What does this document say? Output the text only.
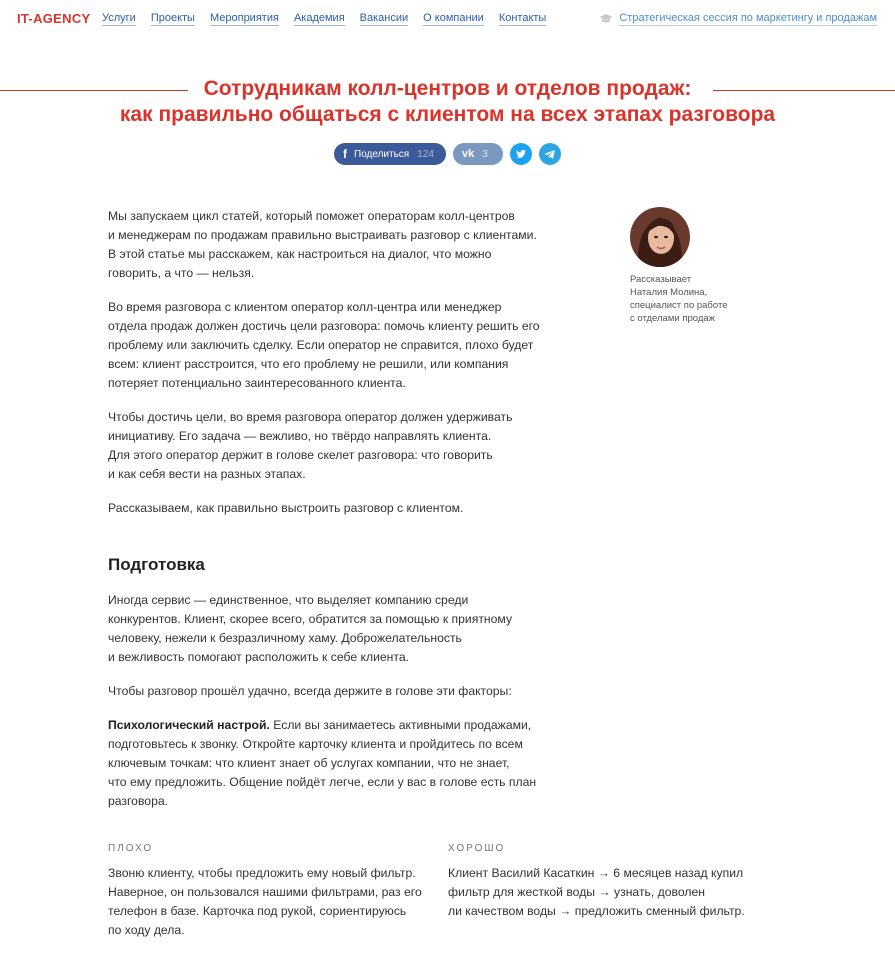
IT-AGENCY Услуги Проекты Мероприятия Академия Вакансии О компании Контакты	Стратегическая сессия по маркетингу и продажам
Сотрудникам колл-центров и отделов продаж:
как правильно общаться с клиентом на всех этапах разговора
f Поделиться 124	vk 3
Рассказывает
Наталия Молина,
специалист по работе
с отделами продаж

Мы запускаем цикл статей, который поможет операторам колл-центров
и менеджерам по продажам правильно выстраивать разговор с клиентами.
В этой статье мы расскажем, как настроиться на диалог, что можно
говорить, а что — нельзя.

Во время разговора с клиентом оператор колл-центра или менеджер
отдела продаж должен достичь цели разговора: помочь клиенту решить его
проблему или заключить сделку. Если оператор не справится, плохо будет
всем: клиент расстроится, что его проблему не решили, или компания
потеряет потенциально заинтересованного клиента.

Чтобы достичь цели, во время разговора оператор должен удерживать
инициативу. Его задача — вежливо, но твёрдо направлять клиента.
Для этого оператор держит в голове скелет разговора: что говорить
и как себя вести на разных этапах.

Рассказываем, как правильно выстроить разговор с клиентом.

Подготовка

Иногда сервис — единственное, что выделяет компанию среди
конкурентов. Клиент, скорее всего, обратится за помощью к приятному
человеку, нежели к безразличному хаму. Доброжелательность
и вежливость помогают расположить к себе клиента.

Чтобы разговор прошёл удачно, всегда держите в голове эти факторы:

Психологический настрой. Если вы занимаетесь активными продажами,
подготовьтесь к звонку. Откройте карточку клиента и пройдитесь по всем
ключевым точкам: что клиент знает об услугах компании, что не знает,
что ему предложить. Общение пойдёт легче, если у вас в голове есть план
разговора.

ПЛОХО
Звоню клиенту, чтобы предложить ему новый фильтр.
Наверное, он пользовался нашими фильтрами, раз его
телефон в базе. Карточка под рукой, сориентируюсь
по ходу дела.
ХОРОШО
Клиент Василий Касаткин → 6 месяцев назад купил
фильтр для жесткой воды → узнать, доволен
ли качеством воды → предложить сменный фильтр.
